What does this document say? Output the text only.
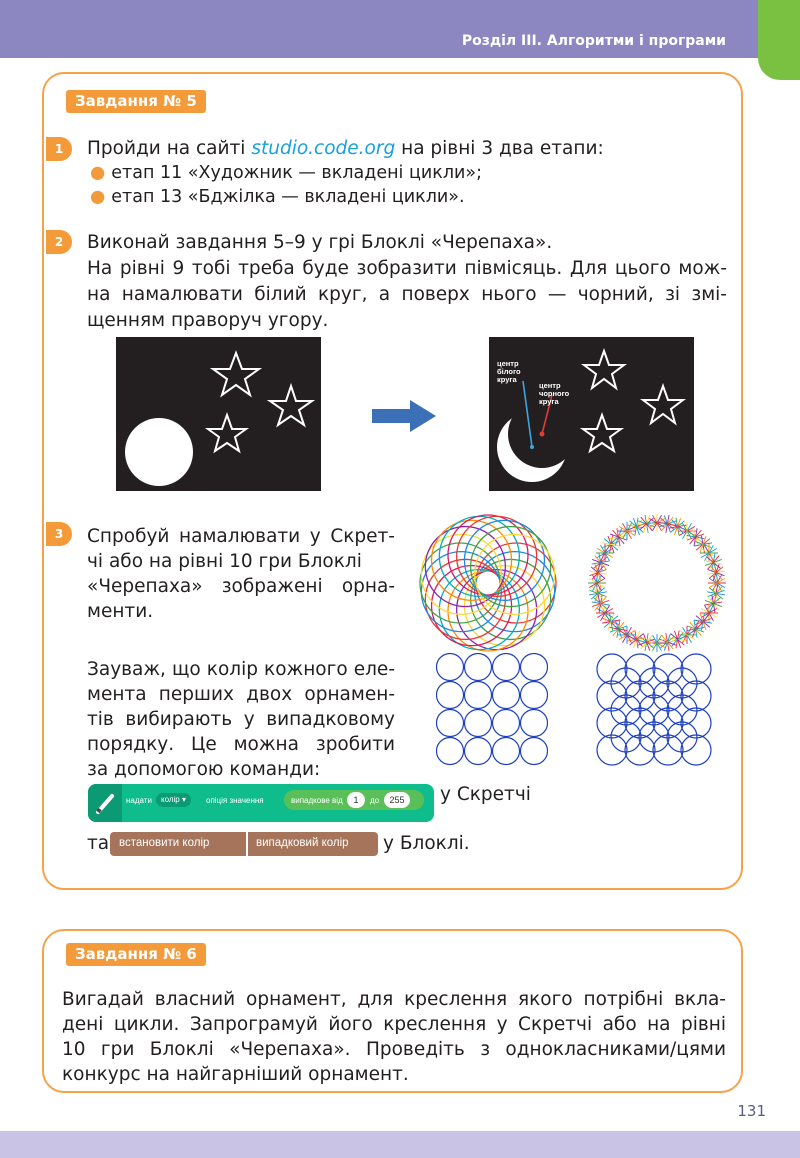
Розділ III. Алгоритми і програми
Завдання № 5
1	Пройди на сайті studio.code.org на рівні 3 два етапи:
● етап 11 «Художник — вкладені цикли»;
● етап 13 «Бджілка — вкладені цикли».
2	Виконай завдання 5–9 у грі Блоклі «Черепаха».
На рівні 9 тобі треба буде зобразити півмісяць. Для цього мож-
на намалювати білий круг, а поверх нього — чорний, зі змі-
щенням праворуч угору.
центр
білого
круга
центр
чорного
круга
3	Спробуй намалювати у Скрет-
чі або на рівні 10 гри Блоклі
«Черепаха» зображені орна-
менти.
Зауваж, що колір кожного еле-
мента перших двох орнамен-
тів вибирають у випадковому
порядку. Це можна зробити
за допомогою команди:
надати	колір ▾	опіція значення	випадкове від	1	до	255 у Скретчі
та встановити колір	випадковий колір у Блоклі.
Завдання № 6
Вигадай власний орнамент, для креслення якого потрібні вкла-
дені цикли. Запрограмуй його креслення у Скретчі або на рівні
10 гри Блоклі «Черепаха». Проведіть з однокласниками/цями
конкурс на найгарніший орнамент.
131
